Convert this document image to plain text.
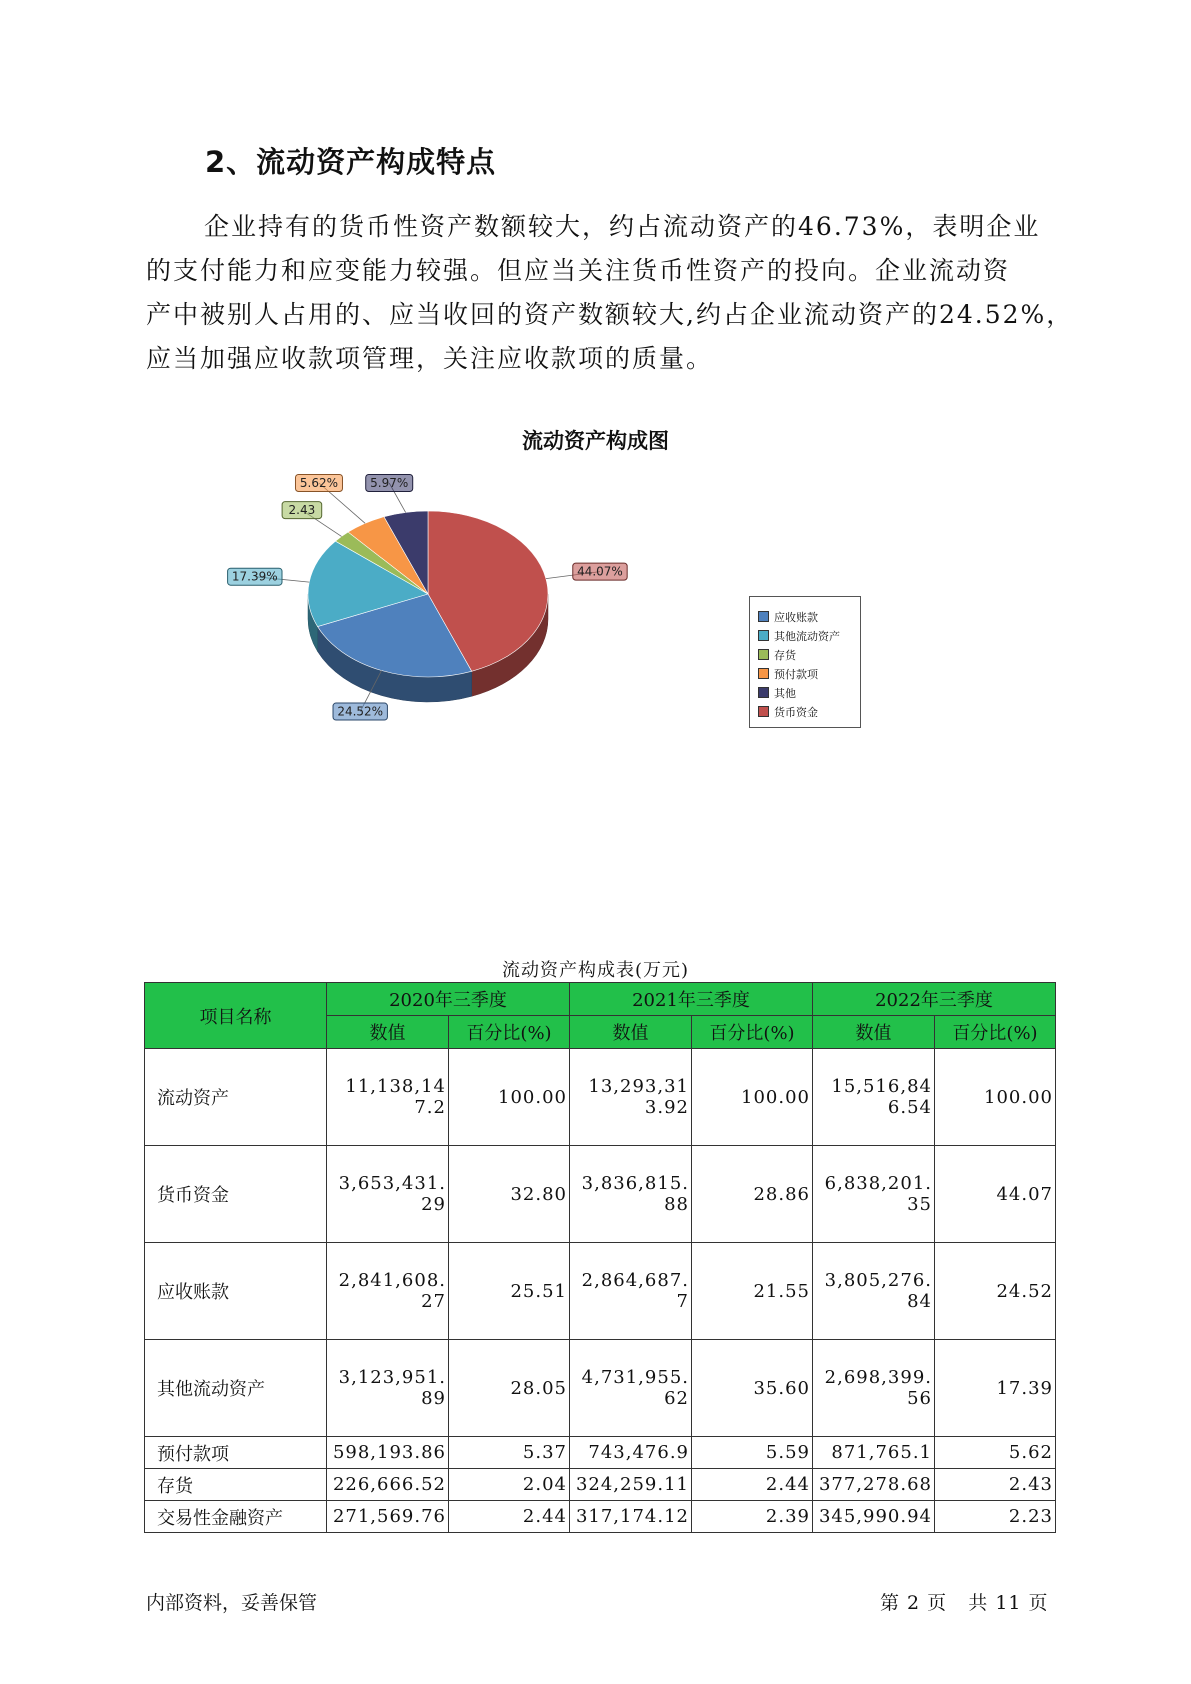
2、流动资产构成特点
企业持有的货币性资产数额较大，约占流动资产的46.73%，表明企业
的支付能力和应变能力较强。但应当关注货币性资产的投向。企业流动资
产中被别人占用的、应当收回的资产数额较大,约占企业流动资产的24.52%，
应当加强应收款项管理，关注应收款项的质量。
流动资产构成图
44.07%
24.52%
17.39%
2.43
5.62%	5.97%
应收账款
其他流动资产
存货
预付款项
其他
货币资金
流动资产构成表(万元)
项目名称	2020年三季度		2021年三季度		2022年三季度	
	数值	百分比(%)	数值	百分比(%)	数值	百分比(%)
流动资产	11,138,147.2	100.00	13,293,313.92	100.00	15,516,846.54	100.00
货币资金	3,653,431.29	32.80	3,836,815.88	28.86	6,838,201.35	44.07
应收账款	2,841,608.27	25.51	2,864,687.7	21.55	3,805,276.84	24.52
其他流动资产	3,123,951.89	28.05	4,731,955.62	35.60	2,698,399.56	17.39
预付款项	598,193.86	5.37	743,476.9	5.59	871,765.1	5.62
存货	226,666.52	2.04	324,259.11	2.44	377,278.68	2.43
交易性金融资产	271,569.76	2.44	317,174.12	2.39	345,990.94	2.23
内部资料，妥善保管	第 2 页   共 11 页
